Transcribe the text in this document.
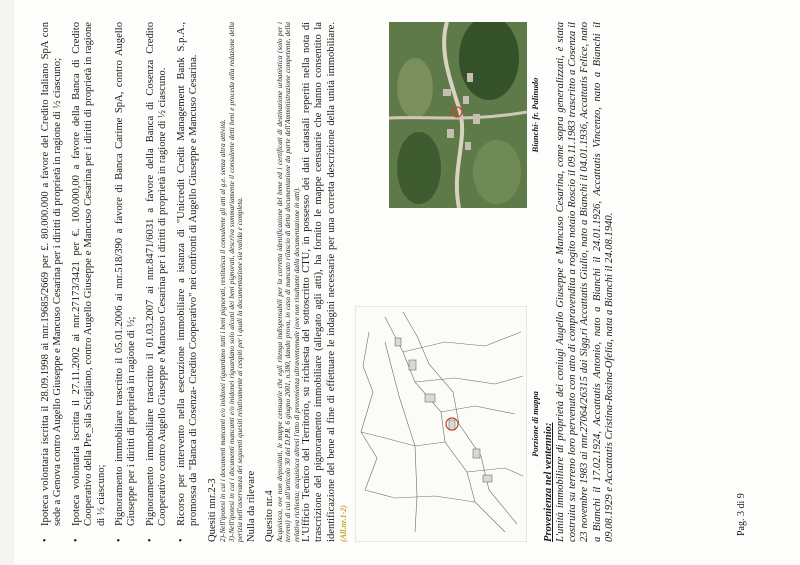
•
Ipoteca volontaria iscritta il 28.09.1998 ai nnr.19685/2669 per £. 80.000.000 a favore del Credito Italiano SpA con sede a Genova contro Augello Giuseppe e Mancuso Cesarina per i diritti di proprietà in ragione di ½ ciascuno;
•
Ipoteca volontaria iscritta il 27.11.2002 ai nnr.27173/3421 per €. 100.000,00 a favore della Banca di Credito Cooperativo della Pre_sila Sciglianо, contro Augello Giuseppe e Mancuso Cesarina per i diritti di proprietà in ragione di ½ ciascuno;
•
Pignoramento immobiliare trascritto il 05.01.2006 ai nnr.518/390 a favore di Banca Carime SpA, contro Augello Giuseppe per i diritti di proprietà in ragione di ½;
•
Pignoramento immobiliare trascritto il 01.03.2007 ai nnr.8471/6031 a favore della Banca di Cosenza Credito Cooperativo contro Augello Giuseppe e Mancuso Cesarina per i diritti di proprietà in ragione di ½ ciascuno.
•
Ricorso per intervento nella esecuzione immobiliare a istanza di "Unicredit Credit Management Bank S.p.A., promossa da "Banca di Cosenza- Credito Cooperativo" nei confronti di Augello Giuseppe e Mancuso Cesarina. Quesiti nnr.2-3 2)-Nell'ipotesi in cui i documenti mancanti e/o inidonei riguardano tutti i beni pignorati, restituisca il consulente gli atti al g.e. senza altra attività. 3)-Nell'ipotesi in cui i documenti mancanti e/o inidonei riguardano solo alcuni dei beni pignorati, descriva sommariamente il consulente detti beni e proceda alla redazione della perizia nell'osservanza dei seguenti quesiti relativamente ai cespiti per i quali la documentazione sia valida e completa. Nulla da rilevare Quesito nr.4 Acquisisca, ove non depositati, le mappe censuarie che egli ritenga indispensabili per la corretta identificazione del bene ed i certificati di destinazione urbanistica (solo per i terreni) di cui all'articolo 30 del D.P.R. 6 giugno 2001, n.380, dando prova, in caso di mancato rilascio di detta documentazione da parte dell'Amministrazione competente, della relativa richiesta; acquisisca altresì l'atto di provenienza ultraventennale (ove non risultante dalla documentazione in atti). L'Ufficio Tecnico del Territorio, su richiesta del sottoscritto CTU, in possesso dei dati catastali reperiti nella nota di trascrizione del pignoramento immobiliare (allegato agli atti), ha fornito le mappe censuarie che hanno consentito la identificazione del bene al fine di effettuare le indagini necessarie per una corretta descrizione della unità immobiliare. (All.nr.1-2)
Porzione di mappa
Bianchi- fr. Palinudo
Provenienza nel ventennio: L'unità immobiliare di proprietà dei coniugi Augello Giuseppe e Mancuso Cesarina, come sopra generalizzati, è stata costruita su terreno loro pervenuto con atto di compravendita a rogito notaio Roscio il 09.11.1983 trascritto a Cosenza il 23 novembre 1983 ai nnr.27064/26315 dai Sigg.ri Accattatis Giulio, nato a Bianchi il 04.01.1936, Accattatis Felice, nato a Bianchi il 17.02.1924, Accattatis Antonio, nato a Bianchi il 24.01.1926, Accattatis Vincenzo, nato a Bianchi il 09.08.1929 e Accattatis Cristina-Rosina-Ofelia, nata a Bianchi il 24.08.1940.	Pag. 3 di 9
